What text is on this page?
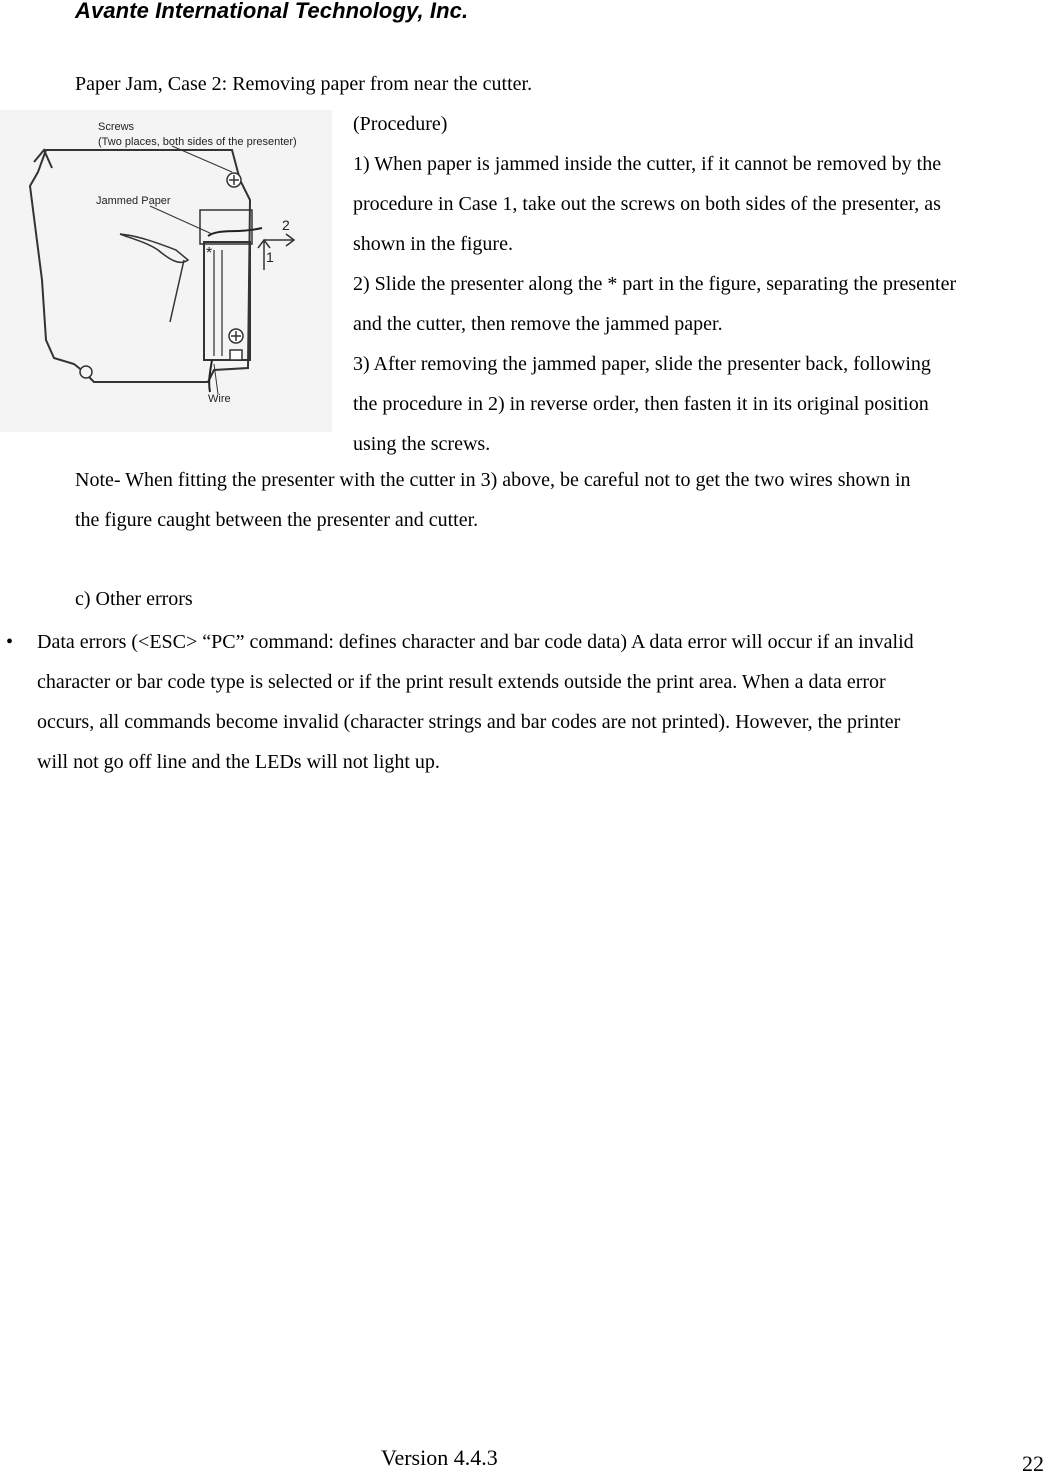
Avante International Technology, Inc.
Paper Jam, Case 2: Removing paper from near the cutter.
Screws
(Two places, both sides of the presenter)
Jammed Paper
Wire
*	1
2
(Procedure)
1) When paper is jammed inside the cutter, if it cannot be removed by the
procedure in Case 1, take out the screws on both sides of the presenter, as
shown in the figure.
2) Slide the presenter along the * part in the figure, separating the presenter
and the cutter, then remove the jammed paper.
3) After removing the jammed paper, slide the presenter back, following
the procedure in 2) in reverse order, then fasten it in its original position
using the screws.
Note- When fitting the presenter with the cutter in 3) above, be careful not to get the two wires shown in
the figure caught between the presenter and cutter.
c) Other errors
• Data errors (<ESC> “PC” command: defines character and bar code data) A data error will occur if an invalid
character or bar code type is selected or if the print result extends outside the print area. When a data error
occurs, all commands become invalid (character strings and bar codes are not printed). However, the printer
will not go off line and the LEDs will not light up.
Version 4.4.3	22
